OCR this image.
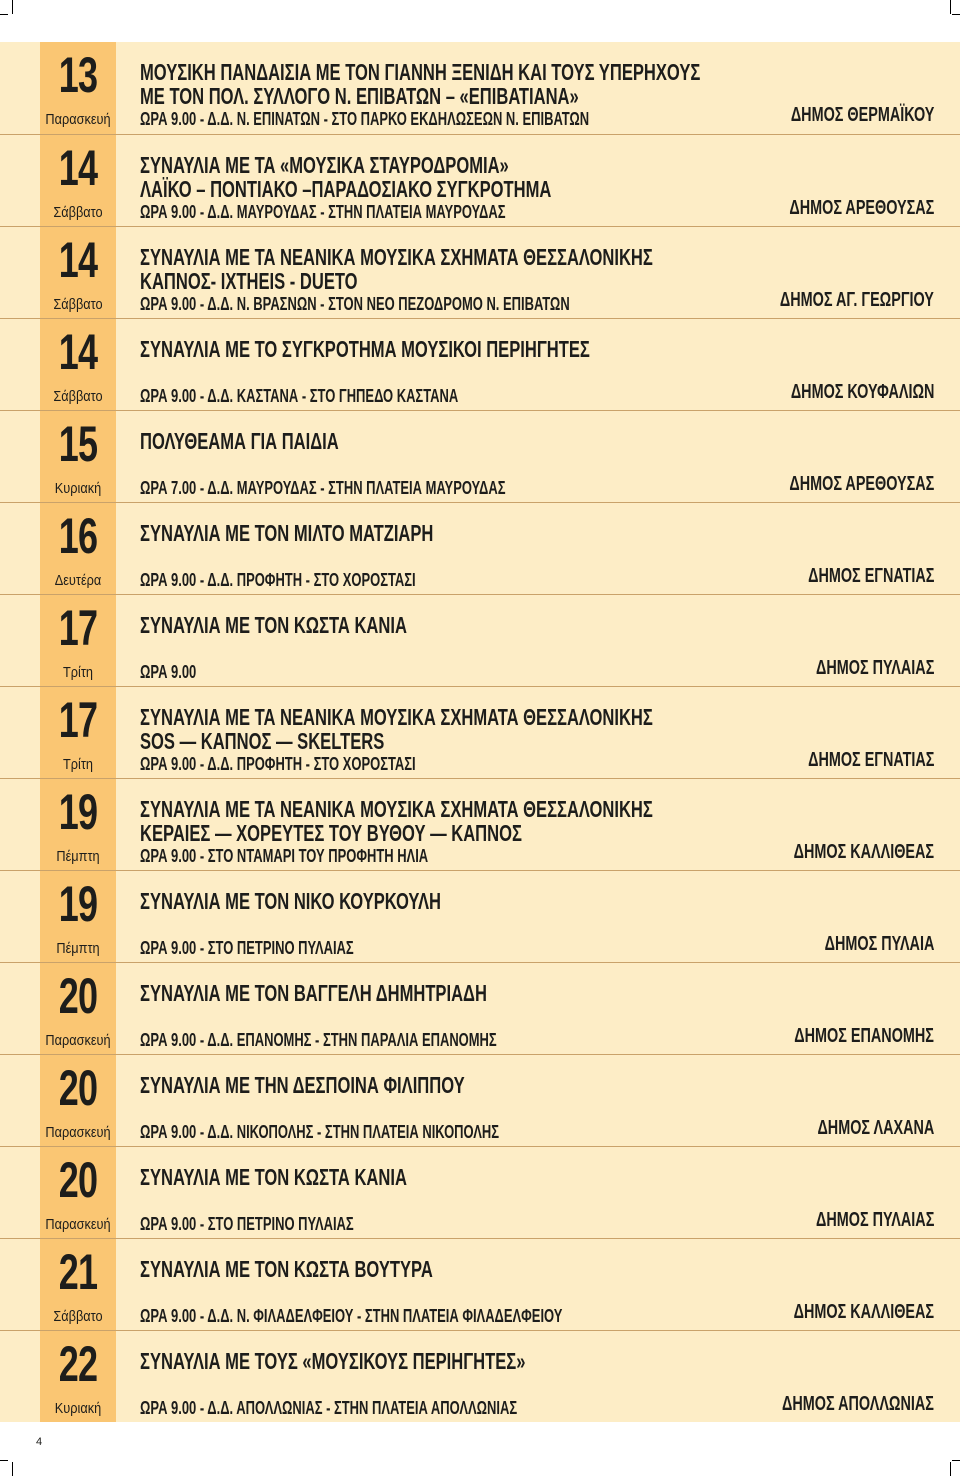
13
Παρασκευή
ΜΟΥΣΙΚΗ ΠΑΝΔΑΙΣΙΑ ΜΕ ΤΟΝ ΓΙΑΝΝΗ ΞΕΝΙΔΗ ΚΑΙ ΤΟΥΣ ΥΠΕΡΗΧΟΥΣ
ΜΕ ΤΟΝ ΠΟΛ. ΣΥΛΛΟΓΟ Ν. ΕΠΙΒΑΤΩΝ – «ΕΠΙΒΑΤΙΑΝΑ»
ΩΡΑ 9.00 - Δ.Δ. Ν. ΕΠΙΝΑΤΩΝ - ΣΤΟ ΠΑΡΚΟ ΕΚΔΗΛΩΣΕΩΝ Ν. ΕΠΙΒΑΤΩΝ	ΔΗΜΟΣ ΘΕΡΜΑΪΚΟΥ
14
Σάββατο
ΣΥΝΑΥΛΙΑ ΜΕ ΤΑ «ΜΟΥΣΙΚΑ ΣΤΑΥΡΟΔΡΟΜΙΑ»
ΛΑΪΚΟ – ΠΟΝΤΙΑΚΟ –ΠΑΡΑΔΟΣΙΑΚΟ ΣΥΓΚΡΟΤΗΜΑ
ΩΡΑ 9.00 - Δ.Δ. ΜΑΥΡΟΥΔΑΣ - ΣΤΗΝ ΠΛΑΤΕΙΑ ΜΑΥΡΟΥΔΑΣ	ΔΗΜΟΣ ΑΡΕΘΟΥΣΑΣ
14
Σάββατο
ΣΥΝΑΥΛΙΑ ΜΕ ΤΑ ΝΕΑΝΙΚΑ ΜΟΥΣΙΚΑ ΣΧΗΜΑΤΑ ΘΕΣΣΑΛΟΝΙΚΗΣ
ΚΑΠΝΟΣ- IXTHEIS - DUETO
ΩΡΑ 9.00 - Δ.Δ. Ν. ΒΡΑΣΝΩΝ - ΣΤΟΝ ΝΕΟ ΠΕΖΟΔΡΟΜΟ Ν. ΕΠΙΒΑΤΩΝ	ΔΗΜΟΣ ΑΓ. ΓΕΩΡΓΙΟΥ
14
Σάββατο
ΣΥΝΑΥΛΙΑ ΜΕ ΤΟ ΣΥΓΚΡΟΤΗΜΑ ΜΟΥΣΙΚΟΙ ΠΕΡΙΗΓΗΤΕΣ
ΩΡΑ 9.00 - Δ.Δ. ΚΑΣΤΑΝΑ - ΣΤΟ ΓΗΠΕΔΟ ΚΑΣΤΑΝΑ	ΔΗΜΟΣ ΚΟΥΦΑΛΙΩΝ
15
Κυριακή
ΠΟΛΥΘΕΑΜΑ ΓΙΑ ΠΑΙΔΙΑ
ΩΡΑ 7.00 - Δ.Δ. ΜΑΥΡΟΥΔΑΣ - ΣΤΗΝ ΠΛΑΤΕΙΑ ΜΑΥΡΟΥΔΑΣ	ΔΗΜΟΣ ΑΡΕΘΟΥΣΑΣ
16
Δευτέρα
ΣΥΝΑΥΛΙΑ ΜΕ ΤΟΝ ΜΙΛΤΟ ΜΑΤΖΙΑΡΗ
ΩΡΑ 9.00 - Δ.Δ. ΠΡΟΦΗΤΗ - ΣΤΟ ΧΟΡΟΣΤΑΣΙ	ΔΗΜΟΣ ΕΓΝΑΤΙΑΣ
17
Τρίτη
ΣΥΝΑΥΛΙΑ ΜΕ ΤΟΝ ΚΩΣΤΑ ΚΑΝΙΑ
ΩΡΑ 9.00	ΔΗΜΟΣ ΠΥΛΑΙΑΣ
17
Τρίτη
ΣΥΝΑΥΛΙΑ ΜΕ ΤΑ ΝΕΑΝΙΚΑ ΜΟΥΣΙΚΑ ΣΧΗΜΑΤΑ ΘΕΣΣΑΛΟΝΙΚΗΣ
SOS — ΚΑΠΝΟΣ — SKELTERS
ΩΡΑ 9.00 - Δ.Δ. ΠΡΟΦΗΤΗ - ΣΤΟ ΧΟΡΟΣΤΑΣΙ	ΔΗΜΟΣ ΕΓΝΑΤΙΑΣ
19
Πέμπτη
ΣΥΝΑΥΛΙΑ ΜΕ ΤΑ ΝΕΑΝΙΚΑ ΜΟΥΣΙΚΑ ΣΧΗΜΑΤΑ ΘΕΣΣΑΛΟΝΙΚΗΣ
ΚΕΡΑΙΕΣ — ΧΟΡΕΥΤΕΣ ΤΟΥ ΒΥΘΟΥ — ΚΑΠΝΟΣ
ΩΡΑ 9.00 - ΣΤΟ ΝΤΑΜΑΡΙ ΤΟΥ ΠΡΟΦΗΤΗ ΗΛΙΑ	ΔΗΜΟΣ ΚΑΛΛΙΘΕΑΣ
19
Πέμπτη
ΣΥΝΑΥΛΙΑ ΜΕ ΤΟΝ ΝΙΚΟ ΚΟΥΡΚΟΥΛΗ
ΩΡΑ 9.00 - ΣΤΟ ΠΕΤΡΙΝΟ ΠΥΛΑΙΑΣ	ΔΗΜΟΣ ΠΥΛΑΙΑ
20
Παρασκευή
ΣΥΝΑΥΛΙΑ ΜΕ ΤΟΝ ΒΑΓΓΕΛΗ ΔΗΜΗΤΡΙΑΔΗ
ΩΡΑ 9.00 - Δ.Δ. ΕΠΑΝΟΜΗΣ - ΣΤΗΝ ΠΑΡΑΛΙΑ ΕΠΑΝΟΜΗΣ	ΔΗΜΟΣ ΕΠΑΝΟΜΗΣ
20
Παρασκευή
ΣΥΝΑΥΛΙΑ ΜΕ ΤΗΝ ΔΕΣΠΟΙΝΑ ΦΙΛΙΠΠΟΥ
ΩΡΑ 9.00 - Δ.Δ. ΝΙΚΟΠΟΛΗΣ - ΣΤΗΝ ΠΛΑΤΕΙΑ ΝΙΚΟΠΟΛΗΣ	ΔΗΜΟΣ ΛΑΧΑΝΑ
20
Παρασκευή
ΣΥΝΑΥΛΙΑ ΜΕ ΤΟΝ ΚΩΣΤΑ ΚΑΝΙΑ
ΩΡΑ 9.00 - ΣΤΟ ΠΕΤΡΙΝΟ ΠΥΛΑΙΑΣ	ΔΗΜΟΣ ΠΥΛΑΙΑΣ
21
Σάββατο
ΣΥΝΑΥΛΙΑ ΜΕ ΤΟΝ ΚΩΣΤΑ ΒΟΥΤΥΡΑ
ΩΡΑ 9.00 - Δ.Δ. Ν. ΦΙΛΑΔΕΛΦΕΙΟΥ - ΣΤΗΝ ΠΛΑΤΕΙΑ ΦΙΛΑΔΕΛΦΕΙΟΥ	ΔΗΜΟΣ ΚΑΛΛΙΘΕΑΣ
22
Κυριακή
ΣΥΝΑΥΛΙΑ ΜΕ ΤΟΥΣ «ΜΟΥΣΙΚΟΥΣ ΠΕΡΙΗΓΗΤΕΣ»
ΩΡΑ 9.00 - Δ.Δ. ΑΠΟΛΛΩΝΙΑΣ - ΣΤΗΝ ΠΛΑΤΕΙΑ ΑΠΟΛΛΩΝΙΑΣ	ΔΗΜΟΣ ΑΠΟΛΛΩΝΙΑΣ
4
